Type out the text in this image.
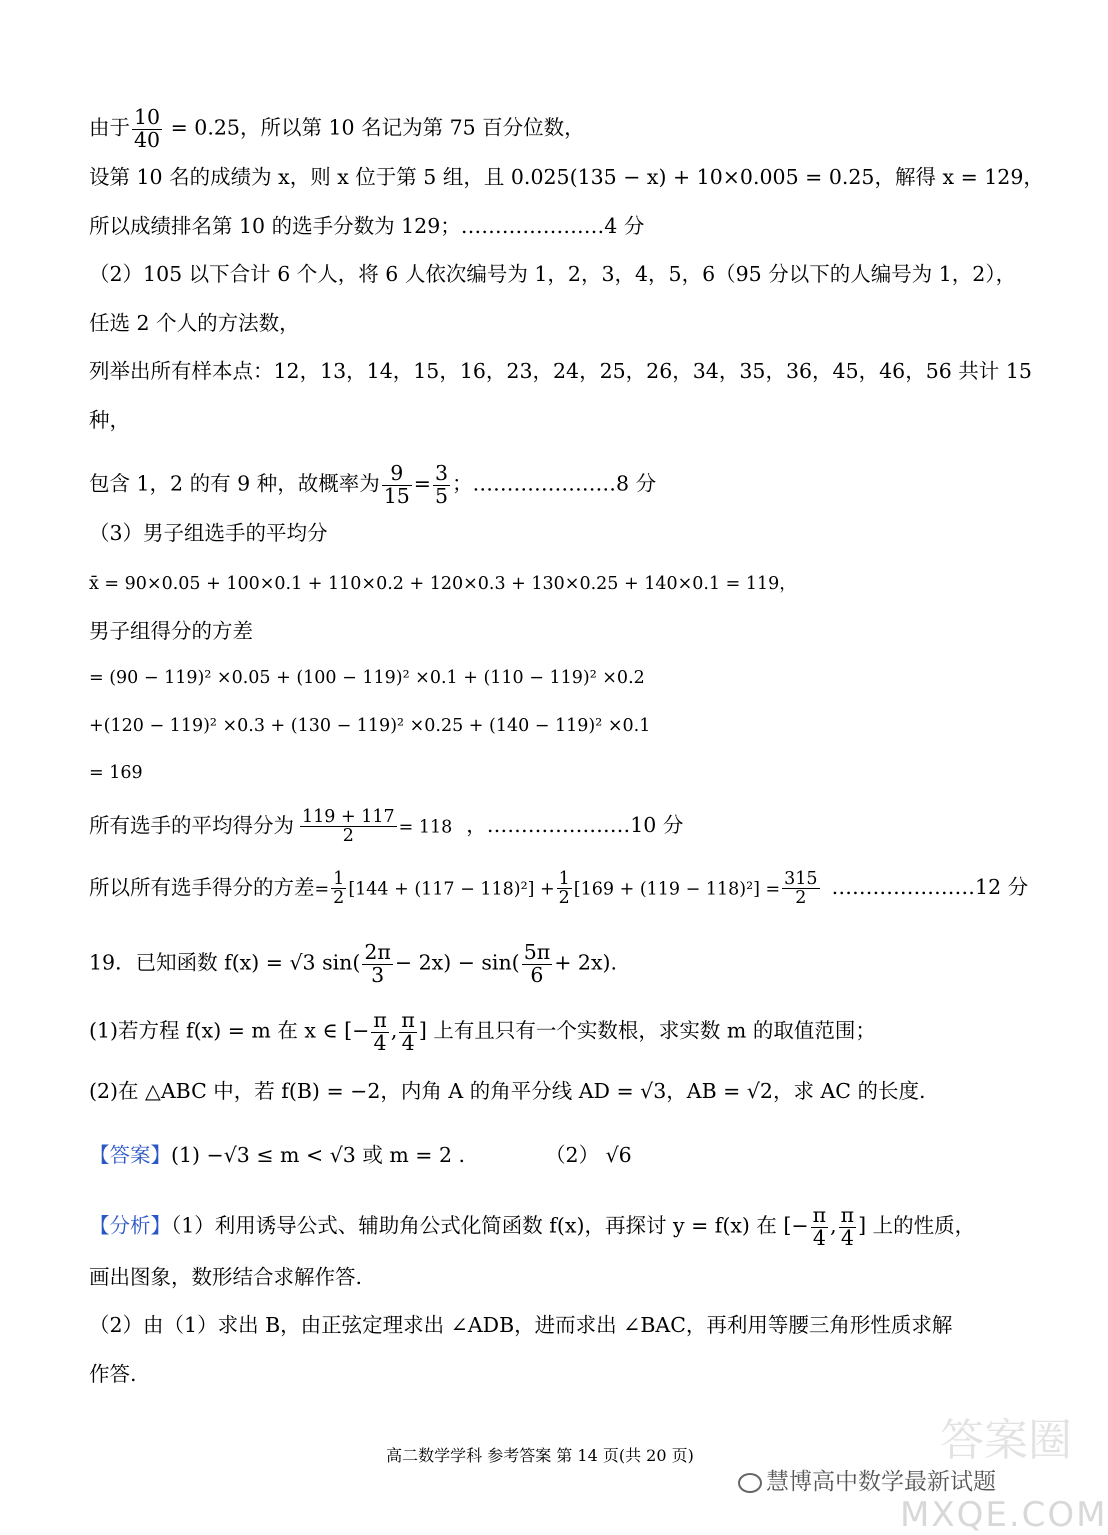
由于 $\frac{10}{40} = 0.25$，所以第 10 名记为第 75 百分位数，
设第 10 名的成绩为 x，则 x 位于第 5 组，且 0.025(135 − x) + 10×0.005 = 0.25，解得 x = 129，
所以成绩排名第 10 的选手分数为 129；…………………4 分
（2）105 以下合计 6 个人，将 6 人依次编号为 1，2，3，4，5，6（95 分以下的人编号为 1，2），
任选 2 个人的方法数，
列举出所有样本点：12，13，14，15，16，23，24，25，26，34，35，36，45，46，56 共计 15
种，
包含 1，2 的有 9 种，故概率为 $\frac{9}{15} = \frac{3}{5}$ ；…………………8 分
（3）男子组选手的平均分
x̄ = 90×0.05 + 100×0.1 + 110×0.2 + 120×0.3 + 130×0.25 + 140×0.1 = 119，
男子组得分的方差
= (90 − 119)² ×0.05 + (100 − 119)² ×0.1 + (110 − 119)² ×0.2
+(120 − 119)² ×0.3 + (130 − 119)² ×0.25 + (140 − 119)² ×0.1
= 169
所有选手的平均得分为 $\frac{119 + 117}{2} = 118$ ，…………………10 分
所以所有选手得分的方差= $\frac{1}{2} [144 + (117 - 118)^2] + \frac{1}{2} [169 + (119 - 118)^2] = \frac{315}{2}$ …………………12 分
19．已知函数 f(x) = √3 $\sin( \frac{2\pi}{3} - 2x) - \sin( \frac{5\pi}{6} + 2x)$.
(1)若方程 f(x) = m 在 x ∈ [− $\frac{\pi}{4}$ , $\frac{\pi}{4}$ ] 上有且只有一个实数根，求实数 m 的取值范围；
(2)在 △ABC 中，若 f(B) = −2，内角 A 的角平分线 AD = √3，AB = √2，求 AC 的长度.
【答案】(1) −√3 ≤ m < √3 或 m = 2 .	（2） √6
【分析】（1）利用诱导公式、辅助角公式化简函数 f(x)，再探讨 y = f(x) 在 [− $\frac{\pi}{4}$ , $\frac{\pi}{4}$ ] 上的性质，
画出图象，数形结合求解作答.
（2）由（1）求出 B，由正弦定理求出 ∠ADB，进而求出 ∠BAC，再利用等腰三角形性质求解
作答.
高二数学学科 参考答案 第 14 页(共 20 页)	答案圈
慧博高中数学最新试题
MXQE.COM
